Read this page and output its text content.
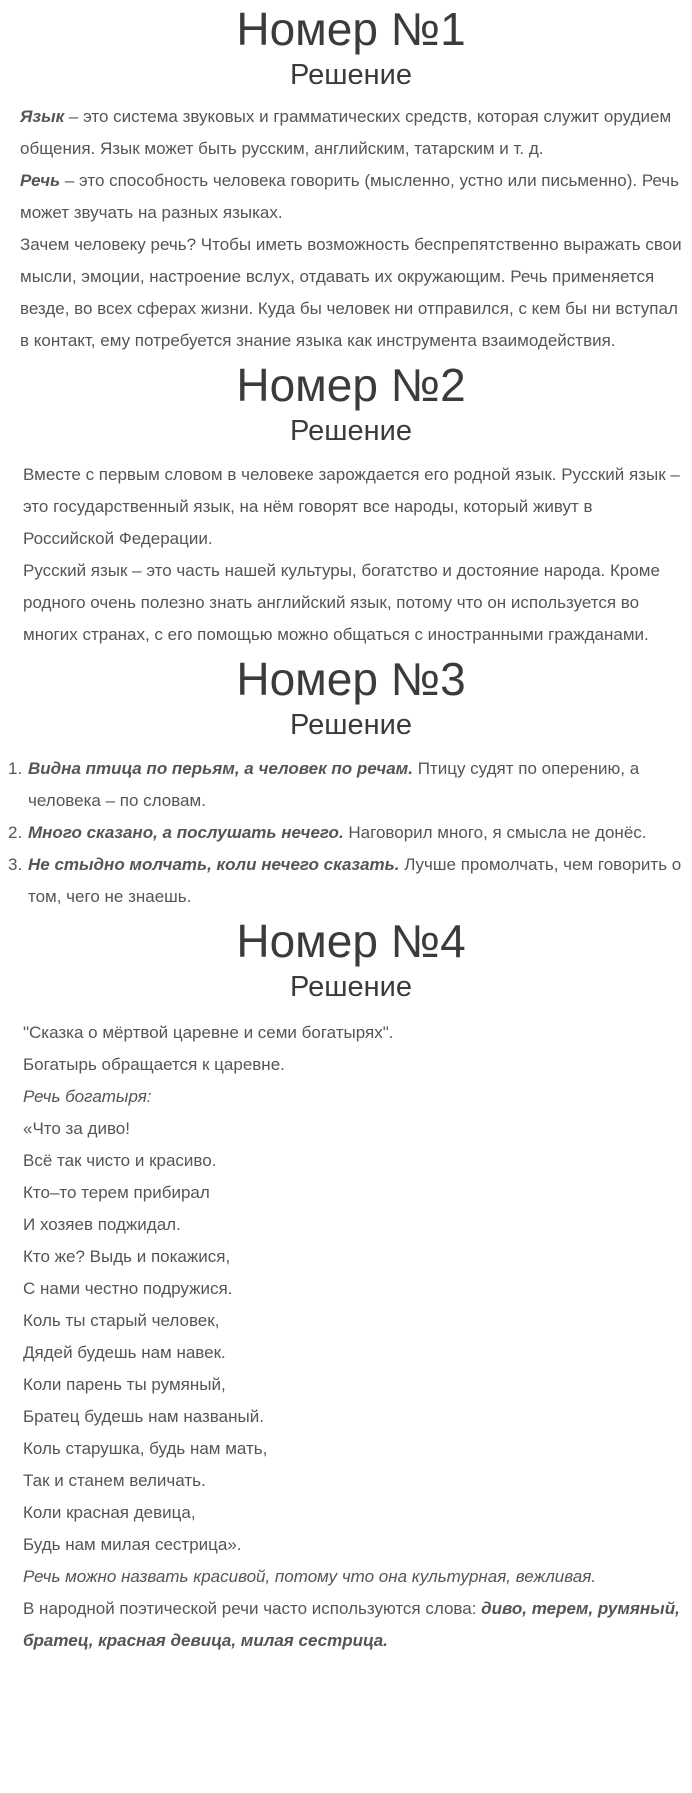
Номер №1
Решение

Язык – это система звуковых и грамматических средств, которая служит орудием общения. Язык может быть русским, английским, татарским и т. д.

Речь – это способность человека говорить (мысленно, устно или письменно). Речь может звучать на разных языках.

Зачем человеку речь? Чтобы иметь возможность беспрепятственно выражать свои мысли, эмоции, настроение вслух, отдавать их окружающим. Речь применяется везде, во всех сферах жизни. Куда бы человек ни отправился, с кем бы ни вступал в контакт, ему потребуется знание языка как инструмента взаимодействия.

Номер №2
Решение

Вместе с первым словом в человеке зарождается его родной язык. Русский язык – это государственный язык, на нём говорят все народы, который живут в Российской Федерации.

Русский язык – это часть нашей культуры, богатство и достояние народа. Кроме родного очень полезно знать английский язык, потому что он используется во многих странах, с его помощью можно общаться с иностранными гражданами.

Номер №3
Решение
1. Видна птица по перьям, а человек по речам. Птицу судят по оперению, а человека – по словам.
2. Много сказано, а послушать нечего. Наговорил много, я смысла не донёс.
3. Не стыдно молчать, коли нечего сказать. Лучше промолчать, чем говорить о том, чего не знаешь.
Номер №4
Решение

"Сказка о мёртвой царевне и семи богатырях".

Богатырь обращается к царевне.

Речь богатыря:

«Что за диво!

Всё так чисто и красиво.

Кто–то терем прибирал

И хозяев поджидал.

Кто же? Выдь и покажися,

С нами честно подружися.

Коль ты старый человек,

Дядей будешь нам навек.

Коли парень ты румяный,

Братец будешь нам названый.

Коль старушка, будь нам мать,

Так и станем величать.

Коли красная девица,

Будь нам милая сестрица».

Речь можно назвать красивой, потому что она культурная, вежливая.

В народной поэтической речи часто используются слова: диво, терем, румяный, братец, красная девица, милая сестрица.
